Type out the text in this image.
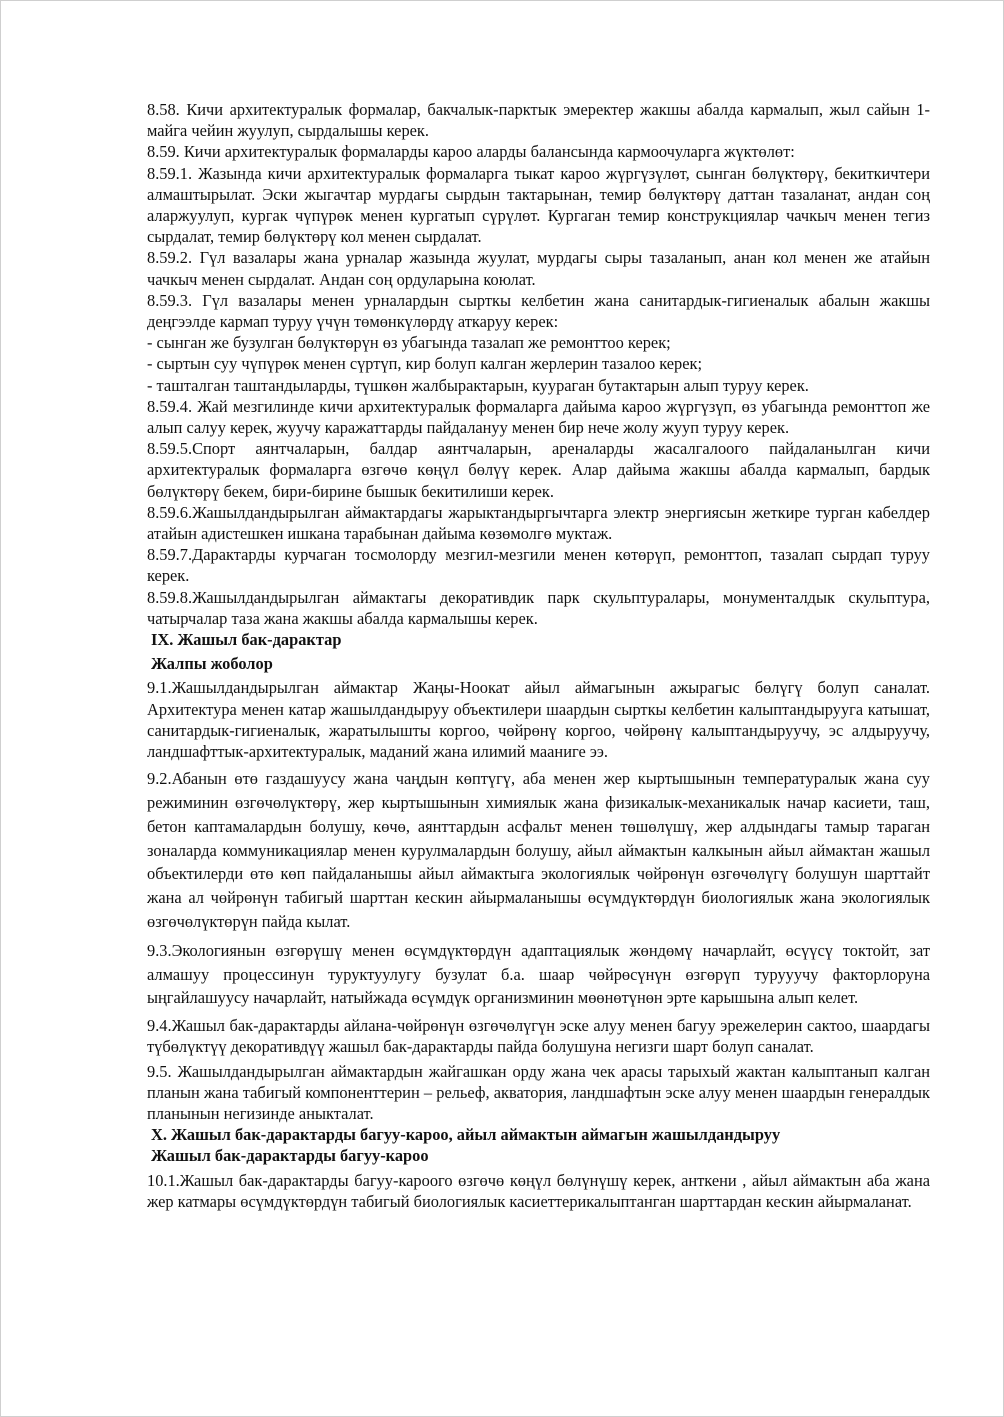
8.58. Кичи архитектуралык формалар, бакчалык-парктык эмеректер жакшы абалда кармалып, жыл сайын 1-майга чейин жуулуп, сырдалышы керек.

8.59. Кичи архитектуралык формаларды кароо аларды балансында кармоочуларга жүктөлөт:

8.59.1. Жазында кичи архитектуралык формаларга тыкат кароо жүргүзүлөт, сынган бөлүктөрү, бекиткичтери алмаштырылат. Эски жыгачтар мурдагы сырдын тактарынан, темир бөлүктөрү даттан тазаланат, андан соң аларжуулуп, кургак чүпүрөк менен кургатып сүрүлөт. Кургаган темир конструкциялар чачкыч менен тегиз сырдалат, темир бөлүктөрү кол менен сырдалат.

8.59.2. Гүл вазалары жана урналар жазында жуулат, мурдагы сыры тазаланып, анан кол менен же атайын чачкыч менен сырдалат. Андан соң ордуларына коюлат.

8.59.3. Гүл вазалары менен урналардын сырткы келбетин жана санитардык-гигиеналык абалын жакшы деңгээлде кармап туруу үчүн төмөнкүлөрдү аткаруу керек:

- сынган же бузулган бөлүктөрүн өз убагында тазалап же ремонттоо керек;

- сыртын суу чүпүрөк менен сүртүп, кир болуп калган жерлерин тазалоо керек;

- ташталган таштандыларды, түшкөн жалбырактарын, куураган бутактарын алып туруу керек.

8.59.4. Жай мезгилинде кичи архитектуралык формаларга дайыма кароо жүргүзүп, өз убагында ремонттоп же алып салуу керек, жуучу каражаттарды пайдалануу менен бир нече жолу жууп туруу керек.

8.59.5.Спорт аянтчаларын, балдар аянтчаларын, ареналарды жасалгалоого пайдаланылган кичи архитектуралык формаларга өзгөчө көңүл бөлүү керек. Алар дайыма жакшы абалда кармалып, бардык бөлүктөрү бекем, бири-бирине бышык бекитилиши керек.

8.59.6.Жашылдандырылган аймактардагы жарыктандыргычтарга электр энергиясын жеткире турган кабелдер атайын адистешкен ишкана тарабынан дайыма көзөмолгө муктаж.

8.59.7.Дарактарды курчаган тосмолорду мезгил-мезгили менен көтөрүп, ремонттоп, тазалап сырдап туруу керек.

8.59.8.Жашылдандырылган аймактагы декоративдик парк скульптуралары, монументалдык скульптура, чатырчалар таза жана жакшы абалда кармалышы керек.

IX. Жашыл бак-дарактар

Жалпы жоболор

9.1.Жашылдандырылган аймактар Жаңы-Ноокат айыл аймагынын ажырагыс бөлүгү болуп саналат. Архитектура менен катар жашылдандыруу объектилери шаардын сырткы келбетин калыптандырууга катышат, санитардык-гигиеналык, жаратылышты коргоо, чөйрөнү коргоо, чөйрөнү калыптандыруучу, эс алдыруучу, ландшафттык-архитектуралык, маданий жана илимий мааниге ээ.

9.2.Абанын өтө газдашуусу жана чаңдын көптүгү, аба менен жер кыртышынын температуралык жана суу режиминин өзгөчөлүктөрү, жер кыртышынын химиялык жана физикалык-механикалык начар касиети, таш, бетон каптамалардын болушу, көчө, аянттардын асфальт менен төшөлүшү, жер алдындагы тамыр тараган зоналарда коммуникациялар менен курулмалардын болушу, айыл аймактын калкынын айыл аймактан жашыл объектилерди өтө көп пайдаланышы айыл аймактыга экологиялык чөйрөнүн өзгөчөлүгү болушун шарттайт жана ал чөйрөнүн табигый шарттан кескин айырмаланышы өсүмдүктөрдүн биологиялык жана экологиялык өзгөчөлүктөрүн пайда кылат.

9.3.Экологиянын өзгөрүшү менен өсүмдүктөрдүн адаптациялык жөндөмү начарлайт, өсүүсү токтойт, зат алмашуу процессинун туруктуулугу бузулат б.а. шаар чөйрөсүнүн өзгөрүп турууучу факторлоруна ыңгайлашуусу начарлайт, натыйжада өсүмдүк организминин мөөнөтүнөн эрте карышына алып келет.

9.4.Жашыл бак-дарактарды айлана-чөйрөнүн өзгөчөлүгүн эске алуу менен багуу эрежелерин сактоо, шаардагы түбөлүктүү декоративдүү жашыл бак-дарактарды пайда болушуна негизги шарт болуп саналат.

9.5. Жашылдандырылган аймактардын жайгашкан орду жана чек арасы тарыхый жактан калыптанып калган планын жана табигый компоненттерин – рельеф, акватория, ландшафтын эске алуу менен шаардын генералдык планынын негизинде аныкталат.

X. Жашыл бак-дарактарды багуу-кароо, айыл аймактын аймагын жашылдандыруу

Жашыл бак-дарактарды багуу-кароо

10.1.Жашыл бак-дарактарды багуу-кароого өзгөчө көңүл бөлүнүшү керек, анткени , айыл аймактын аба жана жер катмары өсүмдүктөрдүн табигый биологиялык касиеттерикалыптанган шарттардан кескин айырмаланат.
